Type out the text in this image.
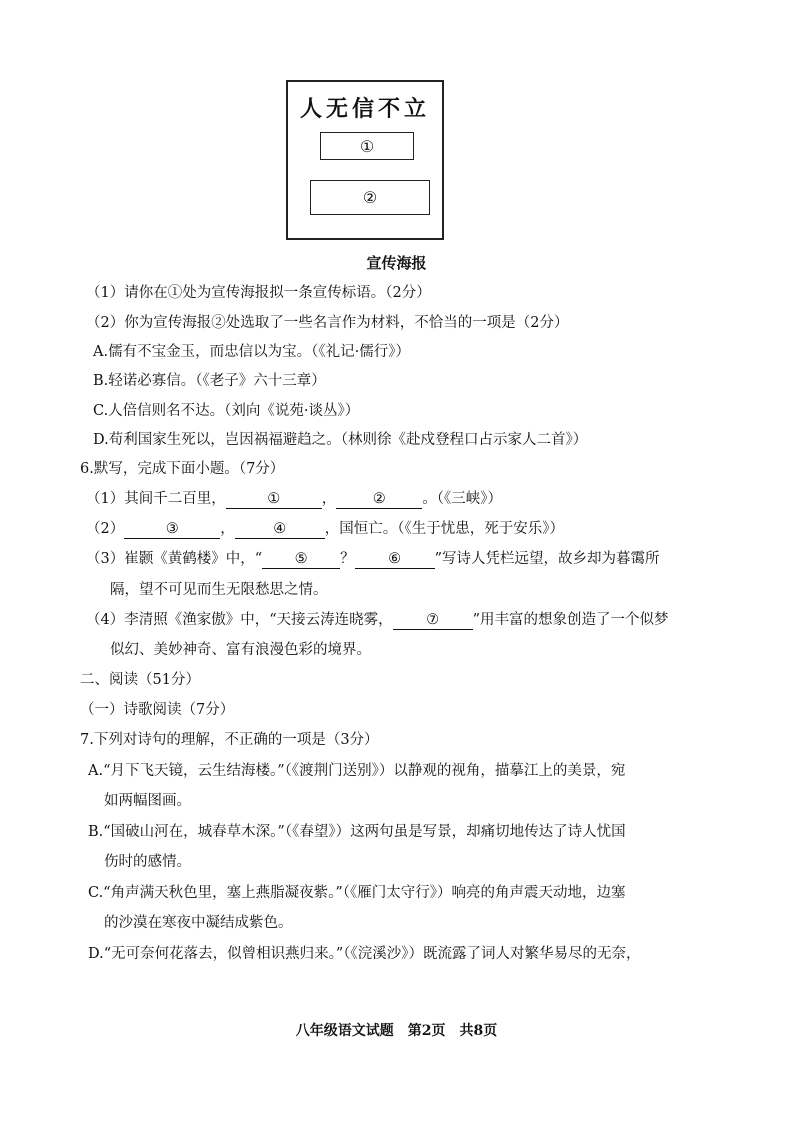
人无信不立
①
②
宣传海报
（1）请你在①处为宣传海报拟一条宣传标语。（2分）
（2）你为宣传海报②处选取了一些名言作为材料，不恰当的一项是（2分）
A.儒有不宝金玉，而忠信以为宝。（《礼记·儒行》）
B.轻诺必寡信。（《老子》六十三章）
C.人倍信则名不达。（刘向《说苑·谈丛》）
D.苟利国家生死以，岂因祸福避趋之。（林则徐《赴戍登程口占示家人二首》）
6.默写，完成下面小题。（7分）
（1）其间千二百里，	①	，	②	。（《三峡》）
（2）	③	，	④	，国恒亡。（《生于忧患，死于安乐》）
（3）崔颢《黄鹤楼》中，“ ⑤ ？ ⑥ ”写诗人凭栏远望，故乡却为暮霭所
隔，望不可见而生无限愁思之情。
（4）李清照《渔家傲》中，“天接云涛连晓雾， ⑦ ”用丰富的想象创造了一个似梦
似幻、美妙神奇、富有浪漫色彩的境界。
二、阅读（51分）
（一）诗歌阅读（7分）
7.下列对诗句的理解，不正确的一项是（3分）
A.“月下飞天镜，云生结海楼。”（《渡荆门送别》）以静观的视角，描摹江上的美景，宛
如两幅图画。
B.“国破山河在，城春草木深。”（《春望》）这两句虽是写景，却痛切地传达了诗人忧国
伤时的感情。
C.“角声满天秋色里，塞上燕脂凝夜紫。”（《雁门太守行》）响亮的角声震天动地，边塞
的沙漠在寒夜中凝结成紫色。
D.“无可奈何花落去，似曾相识燕归来。”（《浣溪沙》）既流露了词人对繁华易尽的无奈，
八年级语文试题　第2页　共8页
